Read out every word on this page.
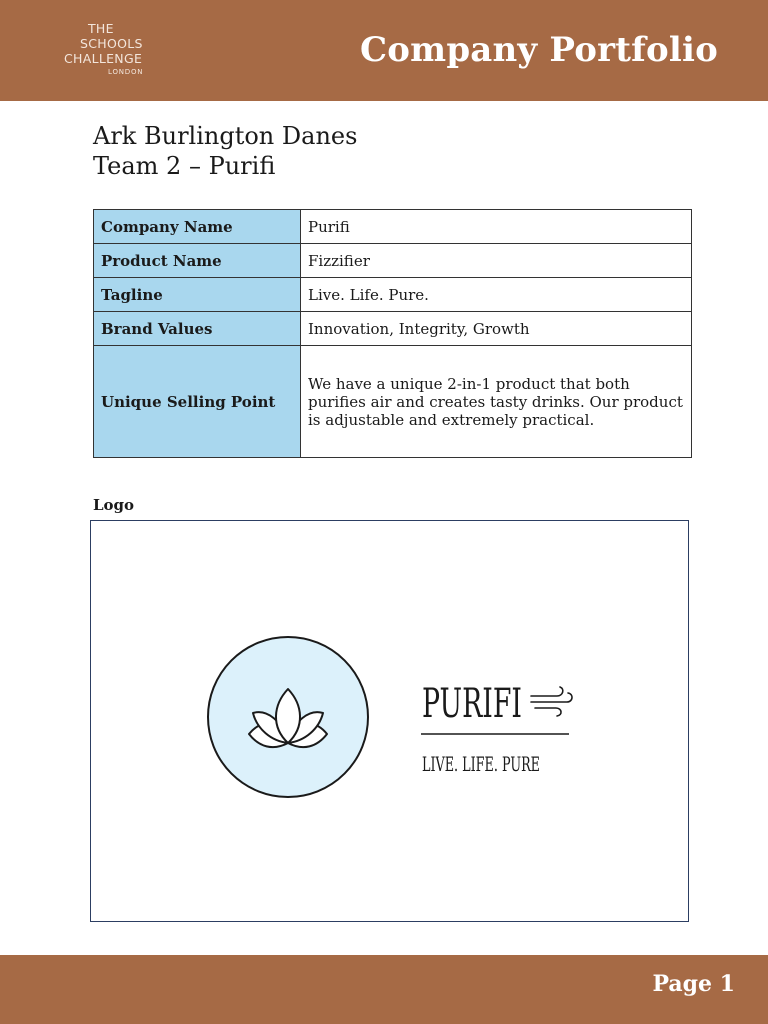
THE
SCHOOLS
CHALLENGE
LONDON
Company Portfolio
Ark Burlington Danes
Team 2 – Purifi
Company Name	Purifi
Product Name	Fizzifier
Tagline	Live. Life. Pure.
Brand Values	Innovation, Integrity, Growth
Unique Selling Point	We have a unique 2-in-1 product that both purifies air and creates tasty drinks. Our product is adjustable and extremely practical.
Logo
PURIFI
LIVE. LIFE. PURE
Page 1
